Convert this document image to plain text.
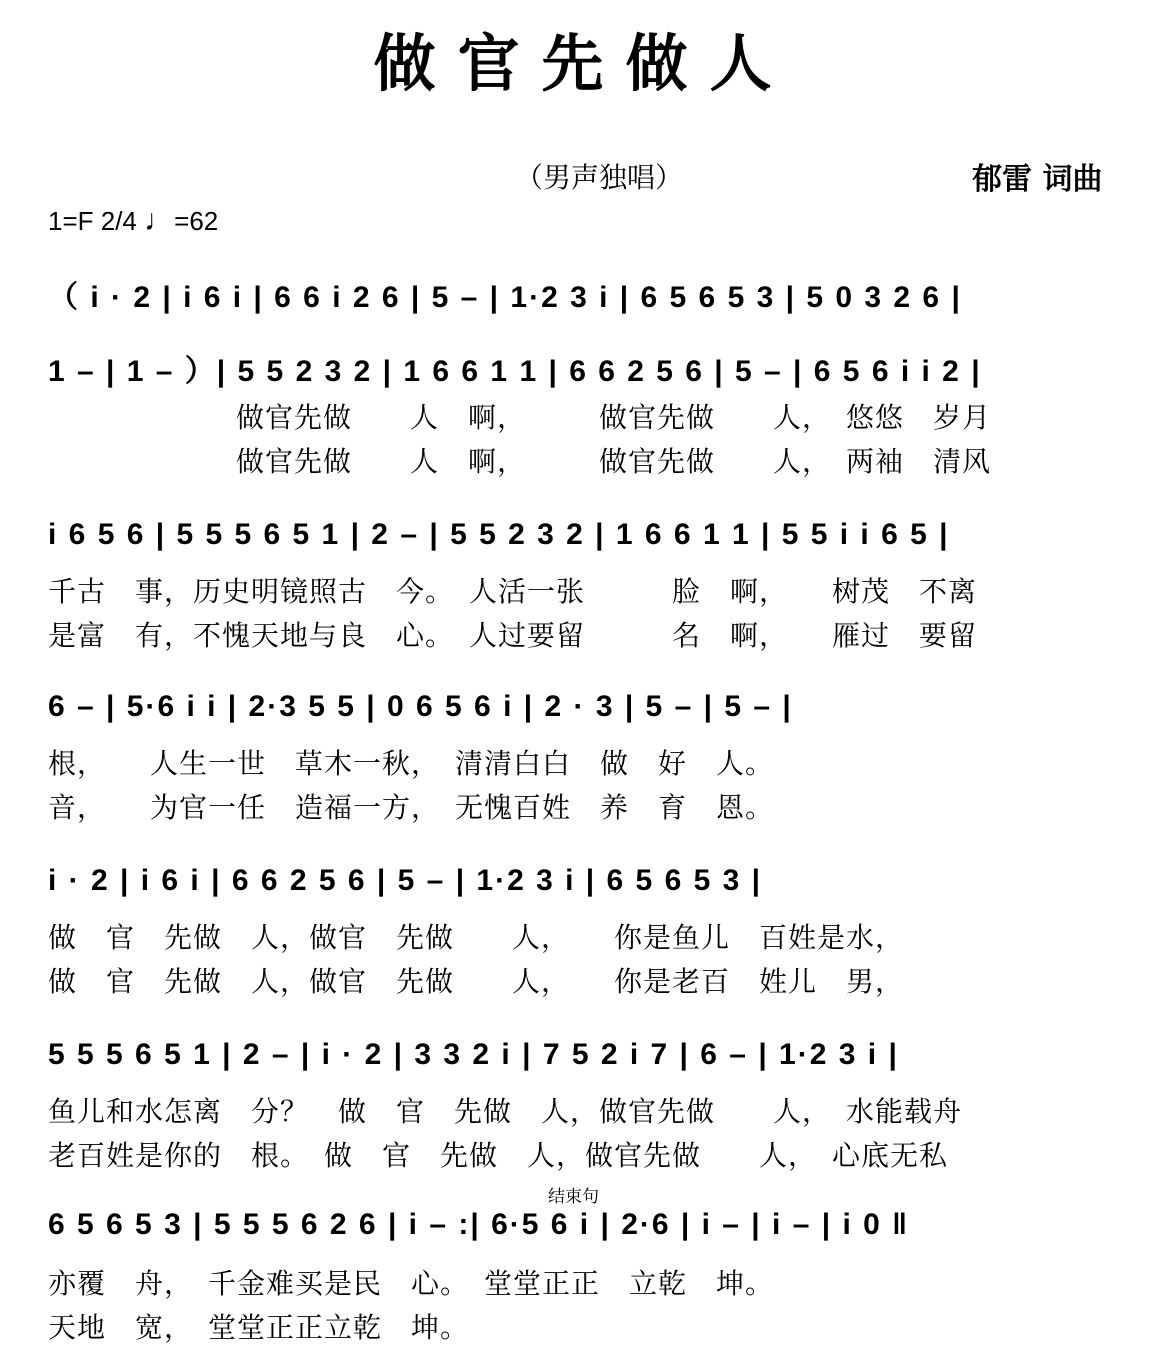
做官先做人
（男声独唱）	郁雷 词曲
1=F 2/4 ♩=62
（ i · 2 | i 6 i | 6 6 i 2 6 | 5 – | 1·2 3 i | 6 5 6 5 3 | 5 0 3 2 6 |
1 – | 1 – ）| 5 5 2 3 2 | 1 6 6 1 1 | 6 6 2 5 6 | 5 – | 6 5 6 i i 2 |
做官先做　　人　啊，　　　做官先做　　人，　悠悠　岁月
做官先做　　人　啊，　　　做官先做　　人，　两袖　清风
i 6 5 6 | 5 5 5 6 5 1 | 2 – | 5 5 2 3 2 | 1 6 6 1 1 | 5 5 i i 6 5 |
千古　事，历史明镜照古　今。　人活一张　　　脸　啊，　　树茂　不离
是富　有，不愧天地与良　心。　人过要留　　　名　啊，　　雁过　要留
6 – | 5·6 i i | 2·3 5 5 | 0 6 5 6 i | 2 · 3 | 5 – | 5 – |
根，　　人生一世　草木一秋，　清清白白　做　好　人。
音，　　为官一任　造福一方，　无愧百姓　养　育　恩。
i · 2 | i 6 i | 6 6 2 5 6 | 5 – | 1·2 3 i | 6 5 6 5 3 |
做　官　先做　人，做官　先做　　人，　　你是鱼儿　百姓是水，
做　官　先做　人，做官　先做　　人，　　你是老百　姓儿　男，
5 5 5 6 5 1 | 2 – | i · 2 | 3 3 2 i | 7 5 2 i 7 | 6 – | 1·2 3 i |
鱼儿和水怎离　分？　做　官　先做　人，做官先做　　人，　水能载舟
老百姓是你的　根。　做　官　先做　人，做官先做　　人，　心底无私
结束句
6 5 6 5 3 | 5 5 5 6 2 6 | i – :| 6·5 6 i | 2·6 | i – | i – | i 0 ‖
亦覆　舟，　千金难买是民　心。　堂堂正正　立乾　坤。
天地　宽，　堂堂正正立乾　坤。
